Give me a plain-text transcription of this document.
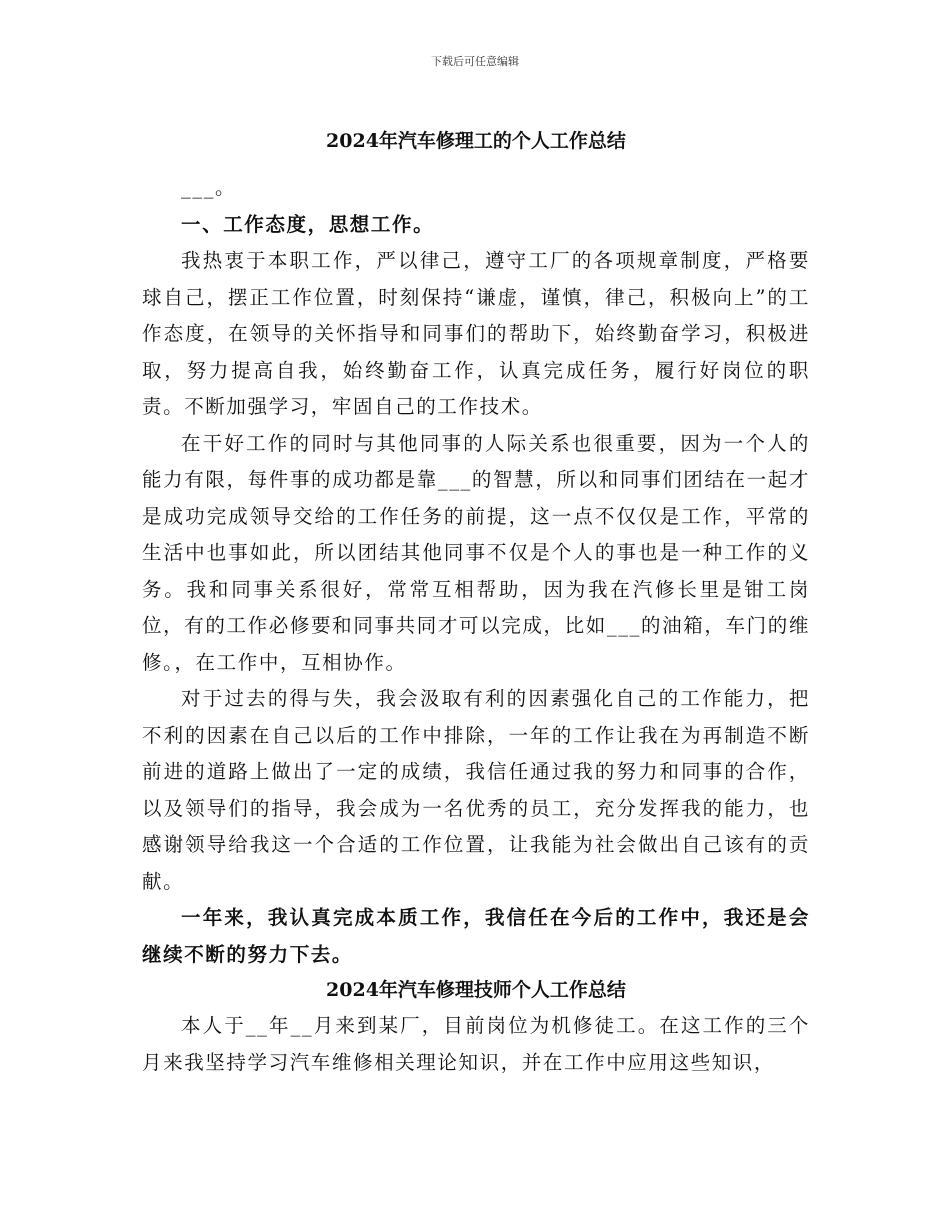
下载后可任意编辑
2024年汽车修理工的个人工作总结

___。

一、工作态度，思想工作。

我热衷于本职工作，严以律己，遵守工厂的各项规章制度，严格要球自己，摆正工作位置，时刻保持“谦虚，谨慎，律己，积极向上”的工作态度，在领导的关怀指导和同事们的帮助下，始终勤奋学习，积极进取，努力提高自我，始终勤奋工作，认真完成任务，履行好岗位的职责。不断加强学习，牢固自己的工作技术。

在干好工作的同时与其他同事的人际关系也很重要，因为一个人的能力有限，每件事的成功都是靠___的智慧，所以和同事们团结在一起才是成功完成领导交给的工作任务的前提，这一点不仅仅是工作，平常的生活中也事如此，所以团结其他同事不仅是个人的事也是一种工作的义务。我和同事关系很好，常常互相帮助，因为我在汽修长里是钳工岗位，有的工作必修要和同事共同才可以完成，比如___的油箱，车门的维修。，在工作中，互相协作。

对于过去的得与失，我会汲取有利的因素强化自己的工作能力，把不利的因素在自己以后的工作中排除，一年的工作让我在为再制造不断前进的道路上做出了一定的成绩，我信任通过我的努力和同事的合作，以及领导们的指导，我会成为一名优秀的员工，充分发挥我的能力，也感谢领导给我这一个合适的工作位置，让我能为社会做出自己该有的贡献。

一年来，我认真完成本质工作，我信任在今后的工作中，我还是会继续不断的努力下去。

2024年汽车修理技师个人工作总结

本人于__年__月来到某厂，目前岗位为机修徒工。在这工作的三个月来我坚持学习汽车维修相关理论知识，并在工作中应用这些知识，
